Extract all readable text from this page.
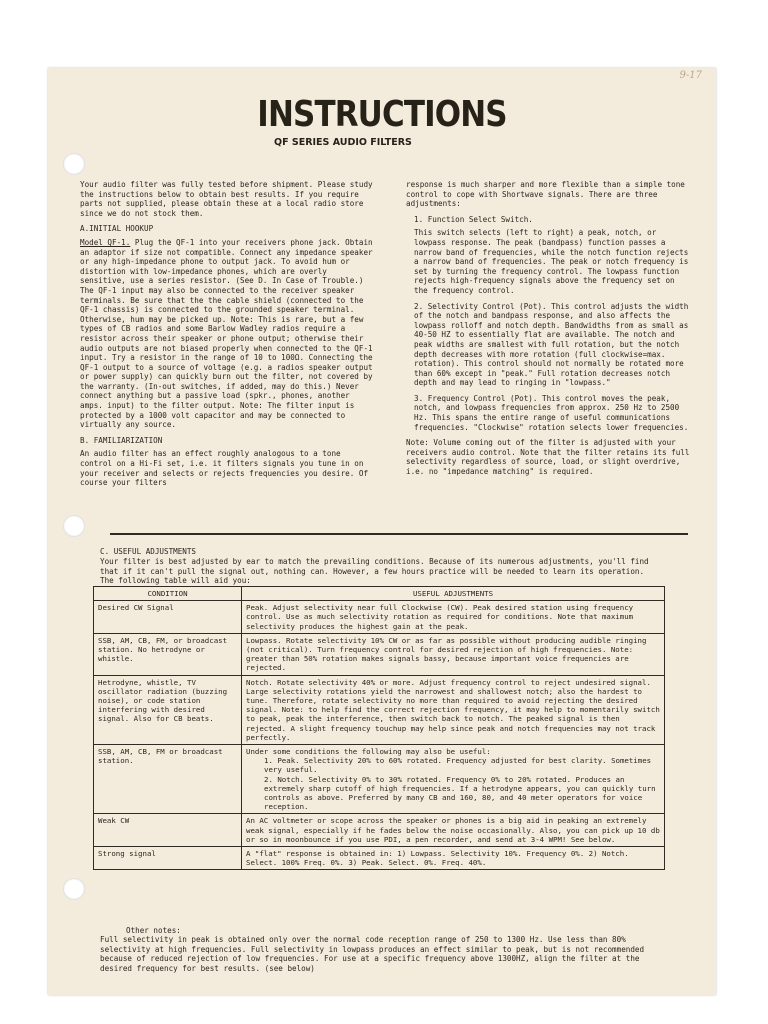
9-17
INSTRUCTIONS
QF SERIES AUDIO FILTERS

Your audio filter was fully tested before shipment. Please study the instructions below to obtain best results. If you require parts not supplied, please obtain these at a local radio store since we do not stock them.

A.INITIAL HOOKUP

Model QF-1. Plug the QF-1 into your receivers phone jack. Obtain an adaptor if size not compatible. Connect any impedance speaker or any high-impedance phone to output jack. To avoid hum or distortion with low-impedance phones, which are overly sensitive, use a series resistor. (See D. In Case of Trouble.) The QF-1 input may also be connected to the receiver speaker terminals. Be sure that the the cable shield (connected to the QF-1 chassis) is connected to the grounded speaker terminal. Otherwise, hum may be picked up. Note: This is rare, but a few types of CB radios and some Barlow Wadley radios require a resistor across their speaker or phone output; otherwise their audio outputs are not biased properly when connected to the QF-1 input. Try a resistor in the range of 10 to 100Ω. Connecting the QF-1 output to a source of voltage (e.g. a radios speaker output or power supply) can quickly burn out the filter, not covered by the warranty. (In-out switches, if added, may do this.) Never connect anything but a passive load (spkr., phones, another amps. input) to the filter output. Note: The filter input is protected by a 1000 volt capacitor and may be connected to virtually any source.

B. FAMILIARIZATION

An audio filter has an effect roughly analogous to a tone control on a Hi-Fi set, i.e. it filters signals you tune in on your receiver and selects or rejects frequencies you desire. Of course your filters

response is much sharper and more flexible than a simple tone control to cope with Shortwave signals. There are three adjustments:

1. Function Select Switch.

This switch selects (left to right) a peak, notch, or lowpass response. The peak (bandpass) function passes a narrow band of frequencies, while the notch function rejects a narrow band of frequencies. The peak or notch frequency is set by turning the frequency control. The lowpass function rejects high-frequency signals above the frequency set on the frequency control.

2. Selectivity Control (Pot). This control adjusts the width of the notch and bandpass response, and also affects the lowpass rolloff and notch depth. Bandwidths from as small as 40-50 HZ to essentially flat are available. The notch and peak widths are smallest with full rotation, but the notch depth decreases with more rotation (full clockwise=max. rotation). This control should not normally be rotated more than 60% except in "peak." Full rotation decreases notch depth and may lead to ringing in "lowpass."

3. Frequency Control (Pot). This control moves the peak, notch, and lowpass frequencies from approx. 250 Hz to 2500 Hz. This spans the entire range of useful communications frequencies. "Clockwise" rotation selects lower frequencies.

Note: Volume coming out of the filter is adjusted with your receivers audio control. Note that the filter retains its full selectivity regardless of source, load, or slight overdrive, i.e. no "impedance matching" is required.

C. USEFUL ADJUSTMENTS
Your filter is best adjusted by ear to match the prevailing conditions. Because of its numerous adjustments, you'll find that if it can't pull the signal out, nothing can. However, a few hours practice will be needed to learn its operation. The following table will aid you:
CONDITION	USEFUL ADJUSTMENTS
Desired CW Signal	Peak. Adjust selectivity near full Clockwise (CW). Peak desired station using frequency control. Use as much selectivity rotation as required for conditions. Note that maximum selectivity produces the highest gain at the peak.
SSB, AM, CB, FM, or broadcast station. No hetrodyne or whistle.	Lowpass. Rotate selectivity 10% CW or as far as possible without producing audible ringing (not critical). Turn frequency control for desired rejection of high frequencies. Note: greater than 50% rotation makes signals bassy, because important voice frequencies are rejected.
Hetrodyne, whistle, TV oscillator radiation (buzzing noise), or code station interfering with desired signal. Also for CB beats.	Notch. Rotate selectivity 40% or more. Adjust frequency control to reject undesired signal. Large selectivity rotations yield the narrowest and shallowest notch; also the hardest to tune. Therefore, rotate selectivity no more than required to avoid rejecting the desired signal. Note: to help find the correct rejection frequency, it may help to momentarily switch to peak, peak the interference, then switch back to notch. The peaked signal is then rejected. A slight frequency touchup may help since peak and notch frequencies may not track perfectly.
SSB, AM, CB, FM or broadcast station.	Under some conditions the following may also be useful:
1. Peak. Selectivity 20% to 60% rotated. Frequency adjusted for best clarity. Sometimes very useful.
2. Notch. Selectivity 0% to 30% rotated. Frequency 0% to 20% rotated. Produces an extremely sharp cutoff of high frequencies. If a hetrodyne appears, you can quickly turn controls as above. Preferred by many CB and 160, 80, and 40 meter operators for voice reception.

Weak CW	An AC voltmeter or scope across the speaker or phones is a big aid in peaking an extremely weak signal, especially if he fades below the noise occasionally. Also, you can pick up 10 db or so in moonbounce if you use PDI, a pen recorder, and send at 3-4 WPM! See below.
Strong signal	A "flat" response is obtained in: 1) Lowpass. Selectivity 10%. Frequency 0%. 2) Notch. Select. 100% Freq. 0%. 3) Peak. Select. 0%. Freq. 40%.
Other notes:
Full selectivity in peak is obtained only over the normal code reception range of 250 to 1300 Hz. Use less than 80% selectivity at high frequencies. Full selectivity in lowpass produces an effect similar to peak, but is not recommended because of reduced rejection of low frequencies. For use at a specific frequency above 1300HZ, align the filter at the desired frequency for best results. (see below)
